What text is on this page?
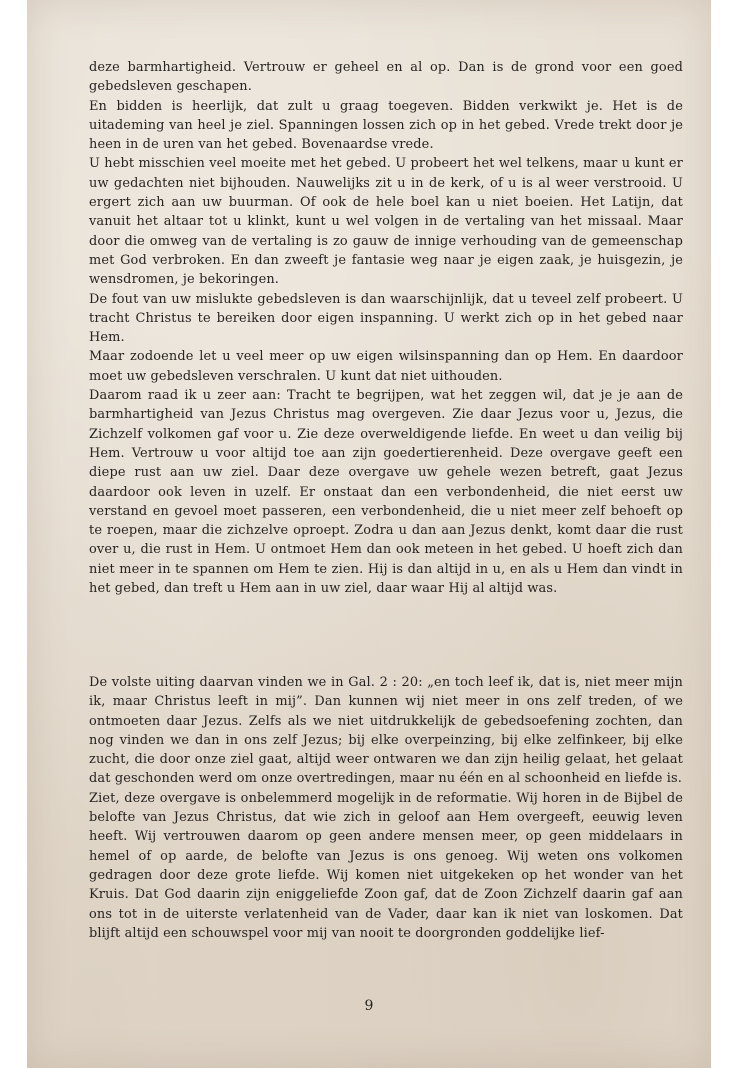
deze barmhartigheid. Vertrouw er geheel en al op. Dan is de grond voor een goed gebedsleven geschapen.

En bidden is heerlijk, dat zult u graag toegeven. Bidden verkwikt je. Het is de uitademing van heel je ziel. Spanningen lossen zich op in het gebed. Vrede trekt door je heen in de uren van het gebed. Bovenaardse vrede.

U hebt misschien veel moeite met het gebed. U probeert het wel telkens, maar u kunt er uw gedachten niet bijhouden. Nauwelijks zit u in de kerk, of u is al weer verstrooid. U ergert zich aan uw buurman. Of ook de hele boel kan u niet boeien. Het Latijn, dat vanuit het altaar tot u klinkt, kunt u wel volgen in de vertaling van het missaal. Maar door die omweg van de vertaling is zo gauw de innige verhouding van de gemeenschap met God verbroken. En dan zweeft je fantasie weg naar je eigen zaak, je huisgezin, je wensdromen, je bekoringen.

De fout van uw mislukte gebedsleven is dan waarschijnlijk, dat u teveel zelf probeert. U tracht Christus te bereiken door eigen inspanning. U werkt zich op in het gebed naar Hem.

Maar zodoende let u veel meer op uw eigen wilsinspanning dan op Hem. En daardoor moet uw gebedsleven verschralen. U kunt dat niet uithouden.

Daarom raad ik u zeer aan: Tracht te begrijpen, wat het zeggen wil, dat je je aan de barmhartigheid van Jezus Christus mag overgeven. Zie daar Jezus voor u, Jezus, die Zichzelf volkomen gaf voor u. Zie deze overweldigende liefde. En weet u dan veilig bij Hem. Vertrouw u voor altijd toe aan zijn goedertierenheid. Deze overgave geeft een diepe rust aan uw ziel. Daar deze overgave uw gehele wezen betreft, gaat Jezus daardoor ook leven in uzelf. Er onstaat dan een verbondenheid, die niet eerst uw verstand en gevoel moet passeren, een verbondenheid, die u niet meer zelf behoeft op te roepen, maar die zichzelve oproept. Zodra u dan aan Jezus denkt, komt daar die rust over u, die rust in Hem. U ontmoet Hem dan ook meteen in het gebed. U hoeft zich dan niet meer in te spannen om Hem te zien. Hij is dan altijd in u, en als u Hem dan vindt in het gebed, dan treft u Hem aan in uw ziel, daar waar Hij al altijd was.

De volste uiting daarvan vinden we in Gal. 2 : 20: „en toch leef ik, dat is, niet meer mijn ik, maar Christus leeft in mij”. Dan kunnen wij niet meer in ons zelf treden, of we ontmoeten daar Jezus. Zelfs als we niet uitdrukkelijk de gebedsoefening zochten, dan nog vinden we dan in ons zelf Jezus; bij elke overpeinzing, bij elke zelfinkeer, bij elke zucht, die door onze ziel gaat, altijd weer ontwaren we dan zijn heilig gelaat, het gelaat dat geschonden werd om onze overtredingen, maar nu één en al schoonheid en liefde is.

Ziet, deze overgave is onbelemmerd mogelijk in de reformatie. Wij horen in de Bijbel de belofte van Jezus Christus, dat wie zich in geloof aan Hem overgeeft, eeuwig leven heeft. Wij vertrouwen daarom op geen andere mensen meer, op geen middelaars in hemel of op aarde, de belofte van Jezus is ons genoeg. Wij weten ons volkomen gedragen door deze grote liefde. Wij komen niet uitgekeken op het wonder van het Kruis. Dat God daarin zijn eniggeliefde Zoon gaf, dat de Zoon Zichzelf daarin gaf aan ons tot in de uiterste verlatenheid van de Vader, daar kan ik niet van loskomen. Dat blijft altijd een schouwspel voor mij van nooit te doorgronden goddelijke lief-

9
